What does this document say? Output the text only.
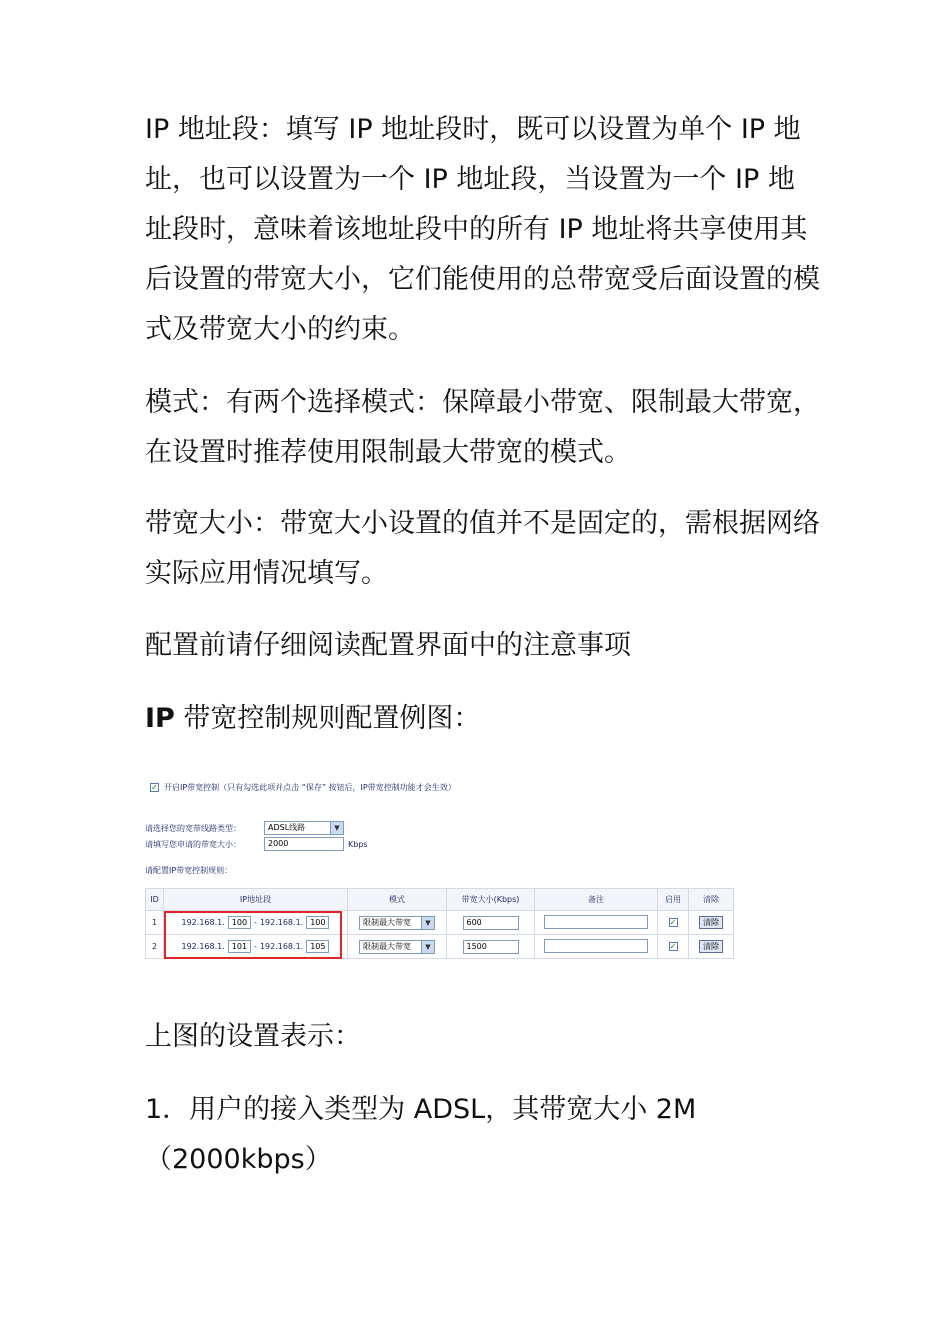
IP 地址段：填写 IP 地址段时，既可以设置为单个 IP 地址，也可以设置为一个 IP 地址段，当设置为一个 IP 地址段时，意味着该地址段中的所有 IP 地址将共享使用其后设置的带宽大小，它们能使用的总带宽受后面设置的模式及带宽大小的约束。

模式：有两个选择模式：保障最小带宽、限制最大带宽，在设置时推荐使用限制最大带宽的模式。

带宽大小：带宽大小设置的值并不是固定的，需根据网络实际应用情况填写。

配置前请仔细阅读配置界面中的注意事项

IP 带宽控制规则配置例图：

✓ 开启IP带宽控制（只有勾选此项并点击 “保存” 按钮后，IP带宽控制功能才会生效）
请选择您的宽带线路类型：	ADSL线路	▼
请填写您申请的带宽大小：	2000	Kbps
请配置IP带宽控制规则：
ID	IP地址段	模式	带宽大小(Kbps)	备注	启用	清除
1	192.168.1. 100 - 192.168.1. 100	限制最大带宽 ▼	600		✓	清除
2	192.168.1. 101 - 192.168.1. 105	限制最大带宽 ▼	1500		✓	清除

上图的设置表示：

1．用户的接入类型为 ADSL，其带宽大小 2M（2000kbps）
